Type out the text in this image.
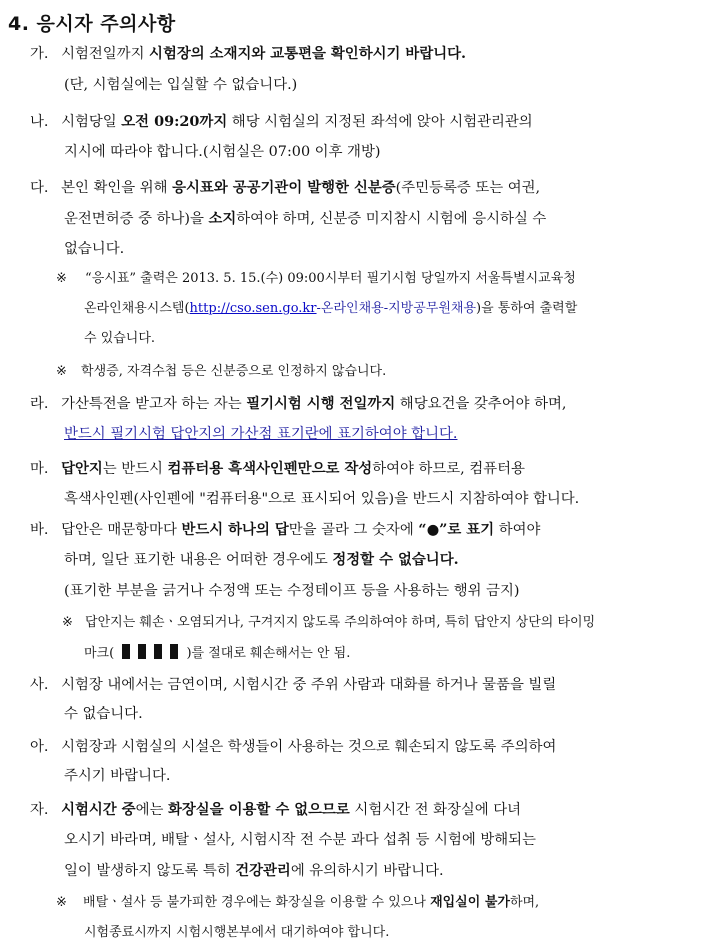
4. 응시자 주의사항
가. 시험전일까지 시험장의 소재지와 교통편을 확인하시기 바랍니다.
(단, 시험실에는 입실할 수 없습니다.)
나. 시험당일 오전 09:20까지 해당 시험실의 지정된 좌석에 앉아 시험관리관의
지시에 따라야 합니다.(시험실은 07:00 이후 개방)
다. 본인 확인을 위해 응시표와 공공기관이 발행한 신분증(주민등록증 또는 여권,
운전면허증 중 하나)을 소지하여야 하며, 신분증 미지참시 시험에 응시하실 수
없습니다.
※ “응시표” 출력은 2013. 5. 15.(수) 09:00시부터 필기시험 당일까지 서울특별시교육청
온라인채용시스템(http://cso.sen.go.kr-온라인채용-지방공무원채용)을 통하여 출력할
수 있습니다.
※ 학생증, 자격수첩 등은 신분증으로 인정하지 않습니다.
라. 가산특전을 받고자 하는 자는 필기시험 시행 전일까지 해당요건을 갖추어야 하며,
반드시 필기시험 답안지의 가산점 표기란에 표기하여야 합니다.
마. 답안지는 반드시 컴퓨터용 흑색사인펜만으로 작성하여야 하므로, 컴퓨터용
흑색사인펜(사인펜에 "컴퓨터용"으로 표시되어 있음)을 반드시 지참하여야 합니다.
바. 답안은 매문항마다 반드시 하나의 답만을 골라 그 숫자에 “●”로 표기 하여야
하며, 일단 표기한 내용은 어떠한 경우에도 정정할 수 없습니다.
(표기한 부분을 긁거나 수정액 또는 수정테이프 등을 사용하는 행위 금지)
※ 답안지는 훼손ㆍ오염되거나, 구겨지지 않도록 주의하여야 하며, 특히 답안지 상단의 타이밍
마크(	)를 절대로 훼손해서는 안 됨.
사. 시험장 내에서는 금연이며, 시험시간 중 주위 사람과 대화를 하거나 물품을 빌릴
수 없습니다.
아. 시험장과 시험실의 시설은 학생들이 사용하는 것으로 훼손되지 않도록 주의하여
주시기 바랍니다.
자. 시험시간 중에는 화장실을 이용할 수 없으므로 시험시간 전 화장실에 다녀
오시기 바라며, 배탈ㆍ설사, 시험시작 전 수분 과다 섭취 등 시험에 방해되는
일이 발생하지 않도록 특히 건강관리에 유의하시기 바랍니다.
※ 배탈ㆍ설사 등 불가피한 경우에는 화장실을 이용할 수 있으나 재입실이 불가하며,
시험종료시까지 시험시행본부에서 대기하여야 합니다.
